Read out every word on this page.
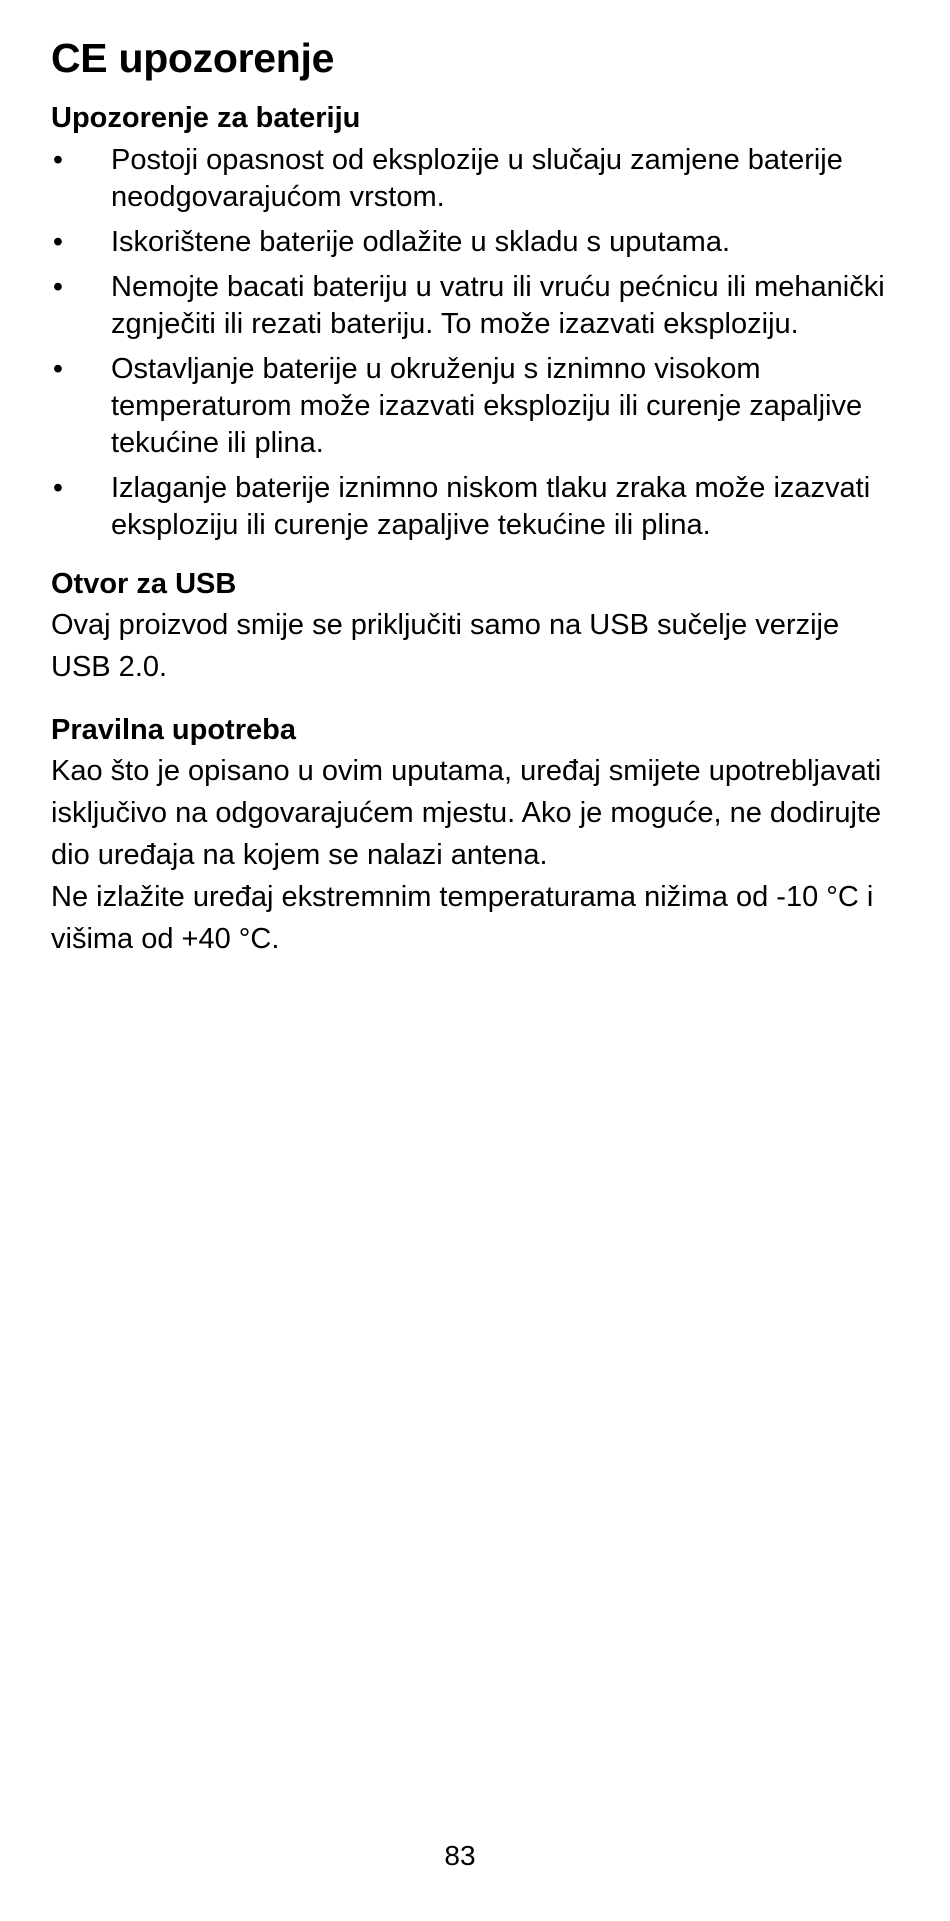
CE upozorenje
Upozorenje za bateriju
• Postoji opasnost od eksplozije u slučaju zamjene baterije neodgovarajućom vrstom.
• Iskorištene baterije odlažite u skladu s uputama.
• Nemojte bacati bateriju u vatru ili vruću pećnicu ili mehanički zgnječiti ili rezati bateriju. To može izazvati eksploziju.
• Ostavljanje baterije u okruženju s iznimno visokom temperaturom može izazvati eksploziju ili curenje zapaljive tekućine ili plina.
• Izlaganje baterije iznimno niskom tlaku zraka može izazvati eksploziju ili curenje zapaljive tekućine ili plina.
Otvor za USB

Ovaj proizvod smije se priključiti samo na USB sučelje verzije USB 2.0.

Pravilna upotreba

Kao što je opisano u ovim uputama, uređaj smijete upotrebljavati isključivo na odgovarajućem mjestu. Ako je moguće, ne dodirujte dio uređaja na kojem se nalazi antena.

Ne izlažite uređaj ekstremnim temperaturama nižima od -10 °C i višima od +40 °C.

83
